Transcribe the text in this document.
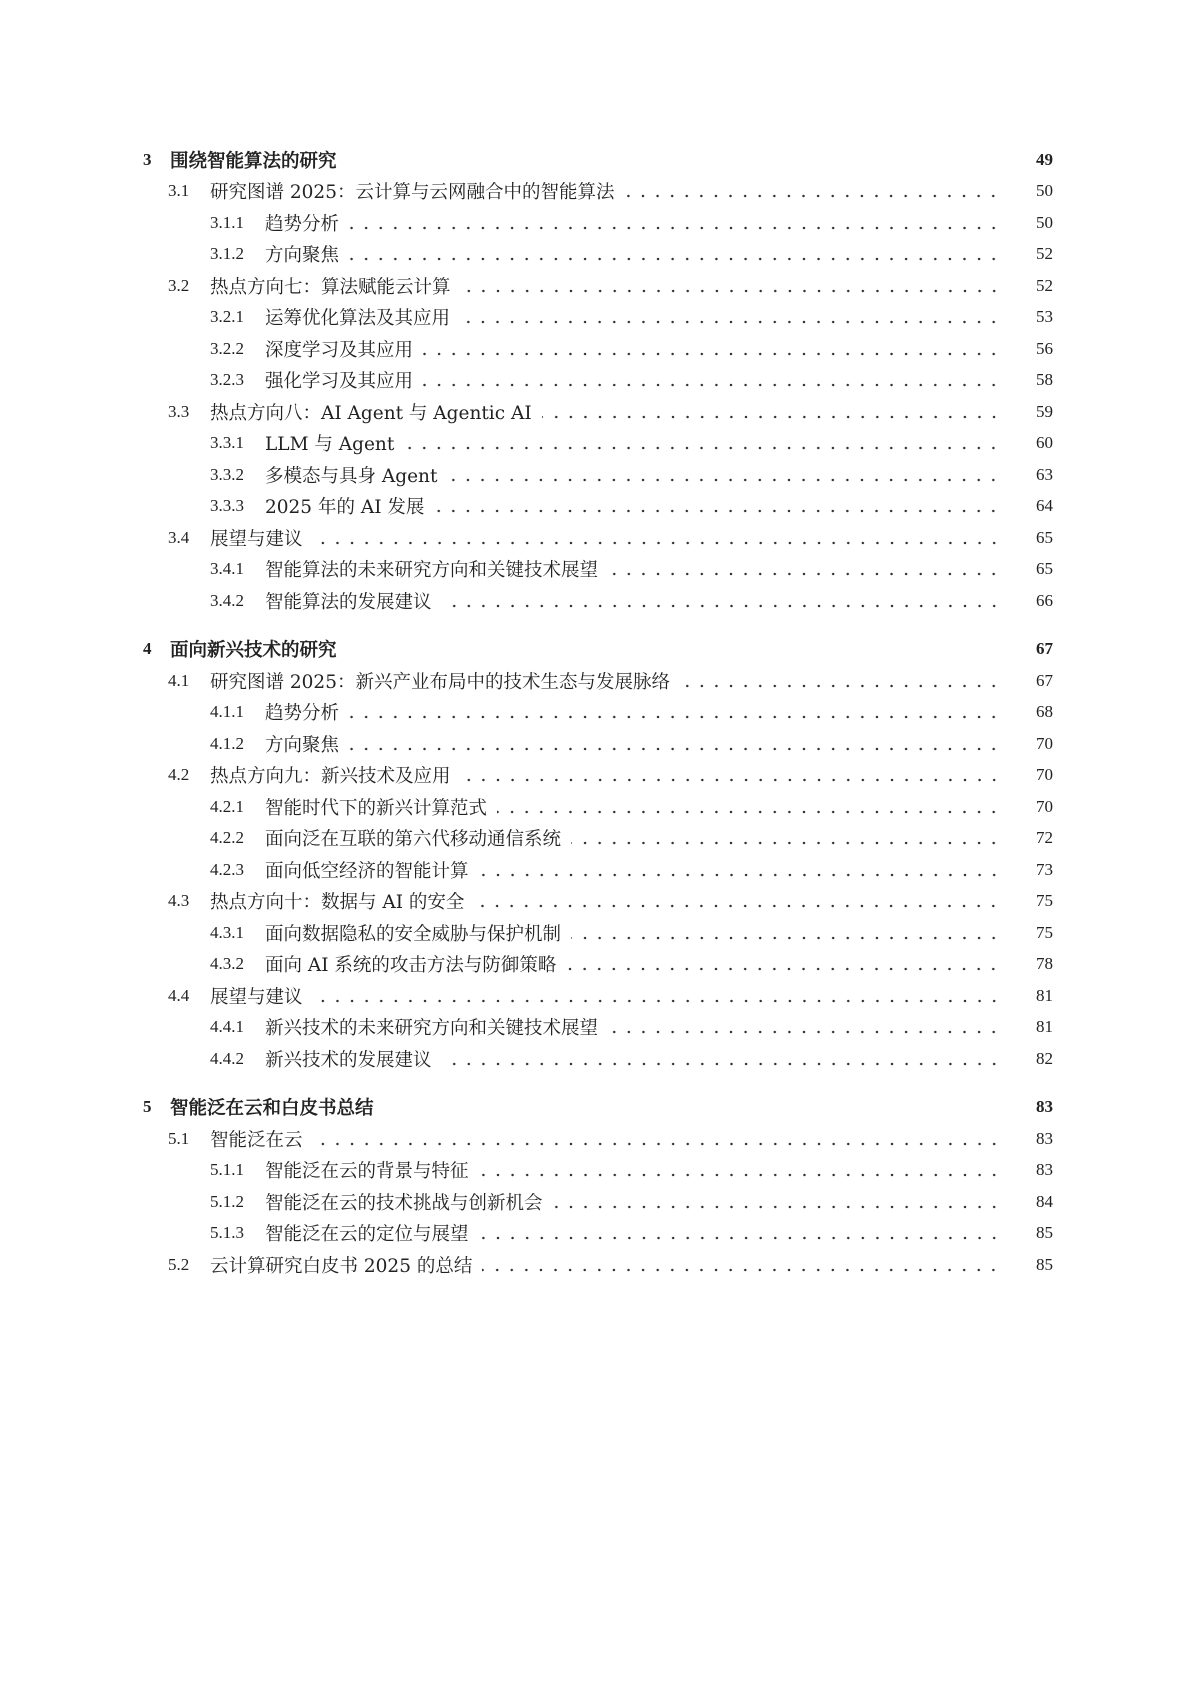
3	围绕智能算法的研究	49
3.1	研究图谱 2025：云计算与云网融合中的智能算法	50
3.1.1	趋势分析	50
3.1.2	方向聚焦	52
3.2	热点方向七：算法赋能云计算	52
3.2.1	运筹优化算法及其应用	53
3.2.2	深度学习及其应用	56
3.2.3	强化学习及其应用	58
3.3	热点方向八：AI Agent 与 Agentic AI	59
3.3.1	LLM 与 Agent	60
3.3.2	多模态与具身 Agent	63
3.3.3	2025 年的 AI 发展	64
3.4	展望与建议	65
3.4.1	智能算法的未来研究方向和关键技术展望	65
3.4.2	智能算法的发展建议	66
4	面向新兴技术的研究	67
4.1	研究图谱 2025：新兴产业布局中的技术生态与发展脉络	67
4.1.1	趋势分析	68
4.1.2	方向聚焦	70
4.2	热点方向九：新兴技术及应用	70
4.2.1	智能时代下的新兴计算范式	70
4.2.2	面向泛在互联的第六代移动通信系统	72
4.2.3	面向低空经济的智能计算	73
4.3	热点方向十：数据与 AI 的安全	75
4.3.1	面向数据隐私的安全威胁与保护机制	75
4.3.2	面向 AI 系统的攻击方法与防御策略	78
4.4	展望与建议	81
4.4.1	新兴技术的未来研究方向和关键技术展望	81
4.4.2	新兴技术的发展建议	82
5	智能泛在云和白皮书总结	83
5.1	智能泛在云	83
5.1.1	智能泛在云的背景与特征	83
5.1.2	智能泛在云的技术挑战与创新机会	84
5.1.3	智能泛在云的定位与展望	85
5.2	云计算研究白皮书 2025 的总结	85
